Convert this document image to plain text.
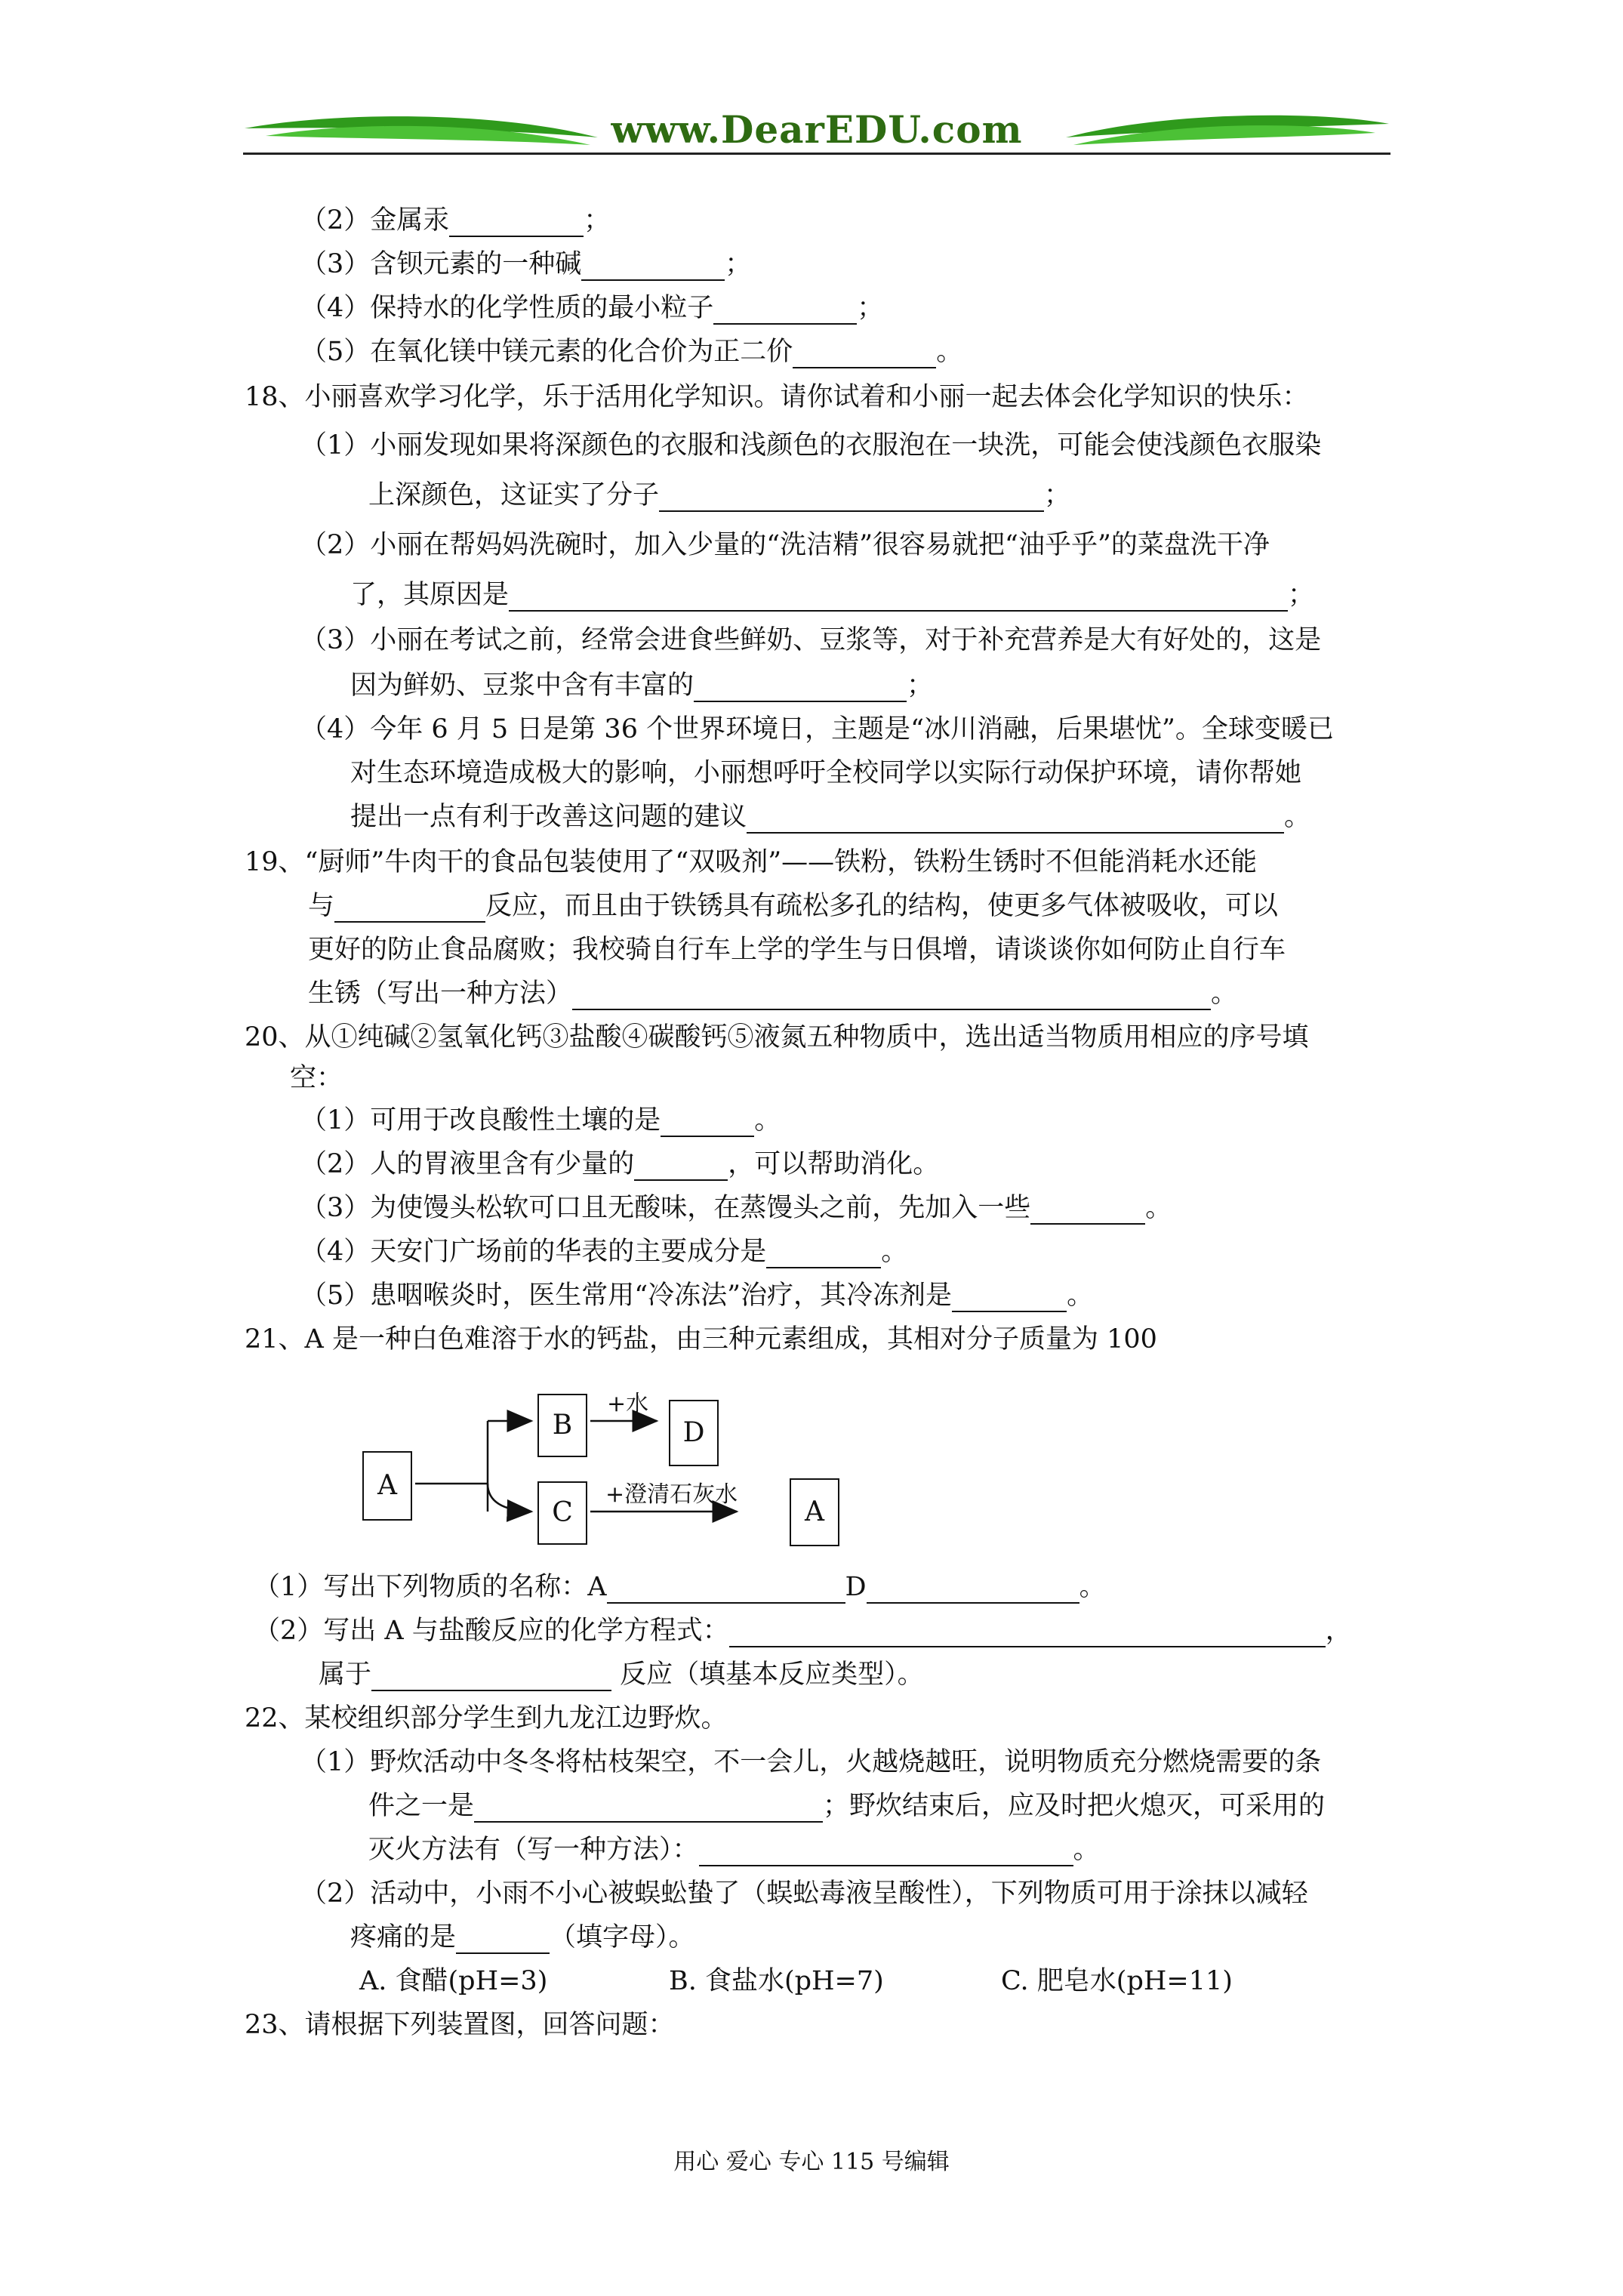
www.DearEDU.com
（2）金属汞	；
（3）含钡元素的一种碱	；
（4）保持水的化学性质的最小粒子	；
（5）在氧化镁中镁元素的化合价为正二价	。
18、小丽喜欢学习化学，乐于活用化学知识。请你试着和小丽一起去体会化学知识的快乐：
（1）小丽发现如果将深颜色的衣服和浅颜色的衣服泡在一块洗，可能会使浅颜色衣服染
上深颜色，这证实了分子	；
（2）小丽在帮妈妈洗碗时，加入少量的“洗洁精”很容易就把“油乎乎”的菜盘洗干净
了，其原因是	；
（3）小丽在考试之前，经常会进食些鲜奶、豆浆等，对于补充营养是大有好处的，这是
因为鲜奶、豆浆中含有丰富的	；
（4）今年 6 月 5 日是第 36 个世界环境日，主题是“冰川消融，后果堪忧”。全球变暖已
对生态环境造成极大的影响，小丽想呼吁全校同学以实际行动保护环境，请你帮她
提出一点有利于改善这问题的建议	。
19、“厨师”牛肉干的食品包装使用了“双吸剂”——铁粉，铁粉生锈时不但能消耗水还能
与	反应，而且由于铁锈具有疏松多孔的结构，使更多气体被吸收，可以
更好的防止食品腐败；我校骑自行车上学的学生与日俱增，请谈谈你如何防止自行车
生锈（写出一种方法）	。
20、从①纯碱②氢氧化钙③盐酸④碳酸钙⑤液氮五种物质中，选出适当物质用相应的序号填
空：
（1）可用于改良酸性土壤的是	。
（2）人的胃液里含有少量的	，可以帮助消化。
（3）为使馒头松软可口且无酸味，在蒸馒头之前，先加入一些	。
（4）天安门广场前的华表的主要成分是	。
（5）患咽喉炎时，医生常用“冷冻法”治疗，其冷冻剂是	。
21、A 是一种白色难溶于水的钙盐，由三种元素组成，其相对分子质量为 100
A
B	D
C	A
+水
+澄清石灰水
（1）写出下列物质的名称：A	D	。
（2）写出 A 与盐酸反应的化学方程式：	，
属于	反应（填基本反应类型）。
22、某校组织部分学生到九龙江边野炊。
（1）野炊活动中冬冬将枯枝架空，不一会儿，火越烧越旺，说明物质充分燃烧需要的条
件之一是	；野炊结束后，应及时把火熄灭，可采用的
灭火方法有（写一种方法）：	。
（2）活动中，小雨不小心被蜈蚣蛰了（蜈蚣毒液呈酸性），下列物质可用于涂抹以减轻
疼痛的是	（填字母）。
A. 食醋(pH=3)	B. 食盐水(pH=7)	C. 肥皂水(pH=11)
23、请根据下列装置图，回答问题：
用心 爱心 专心 115 号编辑
